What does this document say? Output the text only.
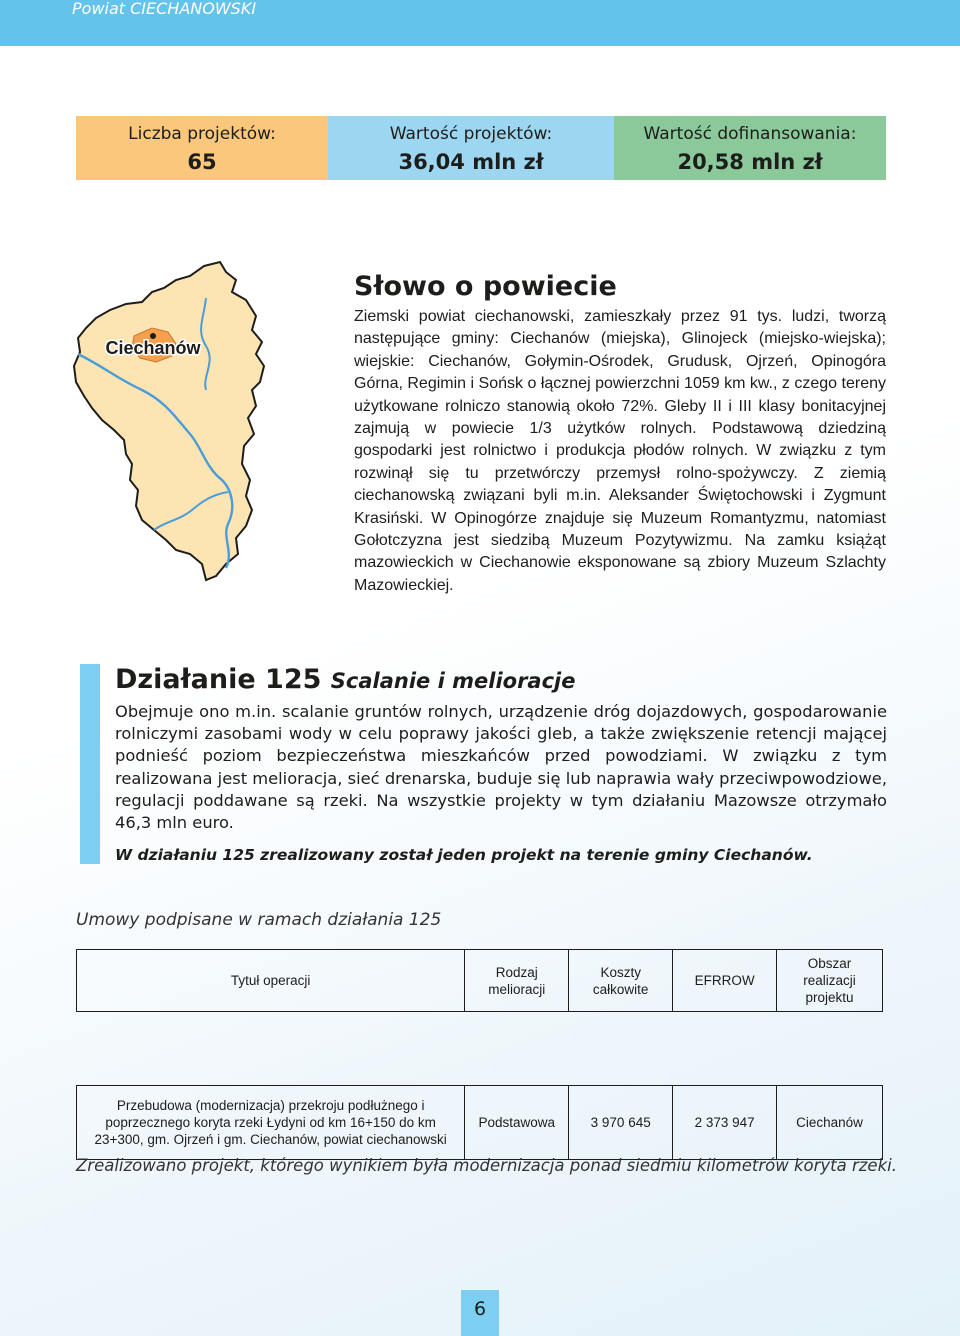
Powiat CIECHANOWSKI
Liczba projektów:
65
Wartość projektów:
36,04 mln zł
Wartość dofinansowania:
20,58 mln zł
Ciechanów
Słowo o powiecie

Ziemski powiat ciechanowski, zamieszkały przez 91 tys. ludzi, tworzą następujące gminy: Ciechanów (miejska), Glinojeck (miejsko-wiejska); wiejskie: Ciechanów, Gołymin-Ośrodek, Grudusk, Ojrzeń, Opinogóra Górna, Regimin i Sońsk o łącznej powierzchni 1059 km kw., z czego tereny użytkowane rolniczo stanowią około 72%. Gleby II i III klasy bonitacyjnej zajmują w powiecie 1/3 użytków rolnych. Podstawową dziedziną gospodarki jest rolnictwo i produkcja płodów rolnych. W związku z tym rozwinął się tu przetwórczy przemysł rolno-spożywczy. Z ziemią ciechanowską związani byli m.in. Aleksander Świętochowski i Zygmunt Krasiński. W Opinogórze znajduje się Muzeum Romantyzmu, natomiast Gołotczyzna jest siedzibą Muzeum Pozytywizmu. Na zamku książąt mazowieckich w Ciechanowie eksponowane są zbiory Muzeum Szlachty Mazowieckiej.

Działanie 125 Scalanie i melioracje

Obejmuje ono m.in. scalanie gruntów rolnych, urządzenie dróg dojazdowych, gospodarowanie rolniczymi zasobami wody w celu poprawy jakości gleb, a także zwiększenie retencji mającej podnieść poziom bezpieczeństwa mieszkańców przed powodziami. W związku z tym realizowana jest melioracja, sieć drenarska, buduje się lub naprawia wały przeciwpowodziowe, regulacji poddawane są rzeki. Na wszystkie projekty w tym działaniu Mazowsze otrzymało 46,3 mln euro.

W działaniu 125 zrealizowany został jeden projekt na terenie gminy Ciechanów.

Umowy podpisane w ramach działania 125
Tytuł operacji	Rodzaj melioracji	Koszty całkowite	EFRROW	Obszar realizacji projektu

Przebudowa (modernizacja) przekroju podłużnego i poprzecznego koryta rzeki Łydyni od km 16+150 do km 23+300, gm. Ojrzeń i gm. Ciechanów, powiat ciechanowski	Podstawowa	3 970 645	2 373 947	Ciechanów
Zrealizowano projekt, którego wynikiem była modernizacja ponad siedmiu kilometrów koryta rzeki.
6
